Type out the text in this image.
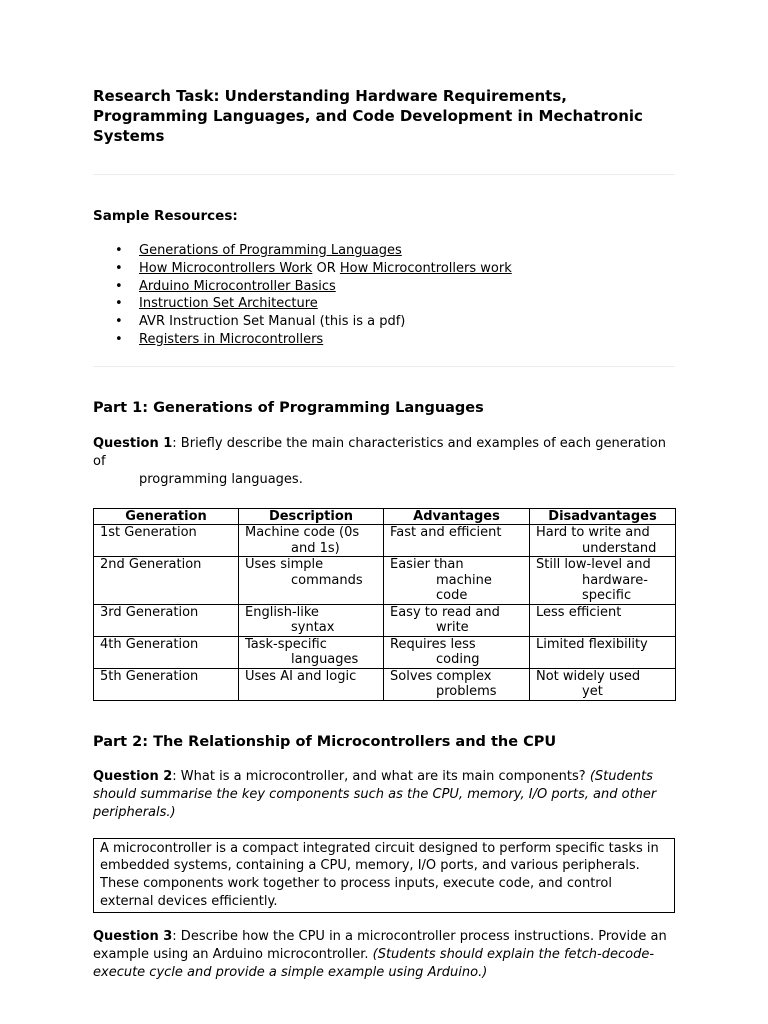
Research Task: Understanding Hardware Requirements, Programming Languages, and Code Development in Mechatronic Systems
Sample Resources:
• Generations of Programming Languages
• How Microcontrollers Work OR How Microcontrollers work
• Arduino Microcontroller Basics
• Instruction Set Architecture
• AVR Instruction Set Manual (this is a pdf)
• Registers in Microcontrollers
Part 1: Generations of Programming Languages
Question 1: Briefly describe the main characteristics and examples of each generation of
programming languages.
Generation	Description	Advantages	Disadvantages

1st Generation	Machine code (0s
and 1s)	Fast and efficient	Hard to write and
understand

2nd Generation	Uses simple
commands	Easier than
machine
code	Still low-level and
hardware-
specific

3rd Generation	English-like
syntax	Easy to read and
write	Less efficient

4th Generation	Task-specific
languages	Requires less
coding	Limited flexibility

5th Generation	Uses AI and logic	Solves complex
problems	Not widely used
yet
Part 2: The Relationship of Microcontrollers and the CPU
Question 2: What is a microcontroller, and what are its main components? (Students should summarise the key components such as the CPU, memory, I/O ports, and other peripherals.)
A microcontroller is a compact integrated circuit designed to perform specific tasks in embedded systems, containing a CPU, memory, I/O ports, and various peripherals. These components work together to process inputs, execute code, and control external devices efficiently.
Question 3: Describe how the CPU in a microcontroller process instructions. Provide an example using an Arduino microcontroller. (Students should explain the fetch-decode-execute cycle and provide a simple example using Arduino.)
